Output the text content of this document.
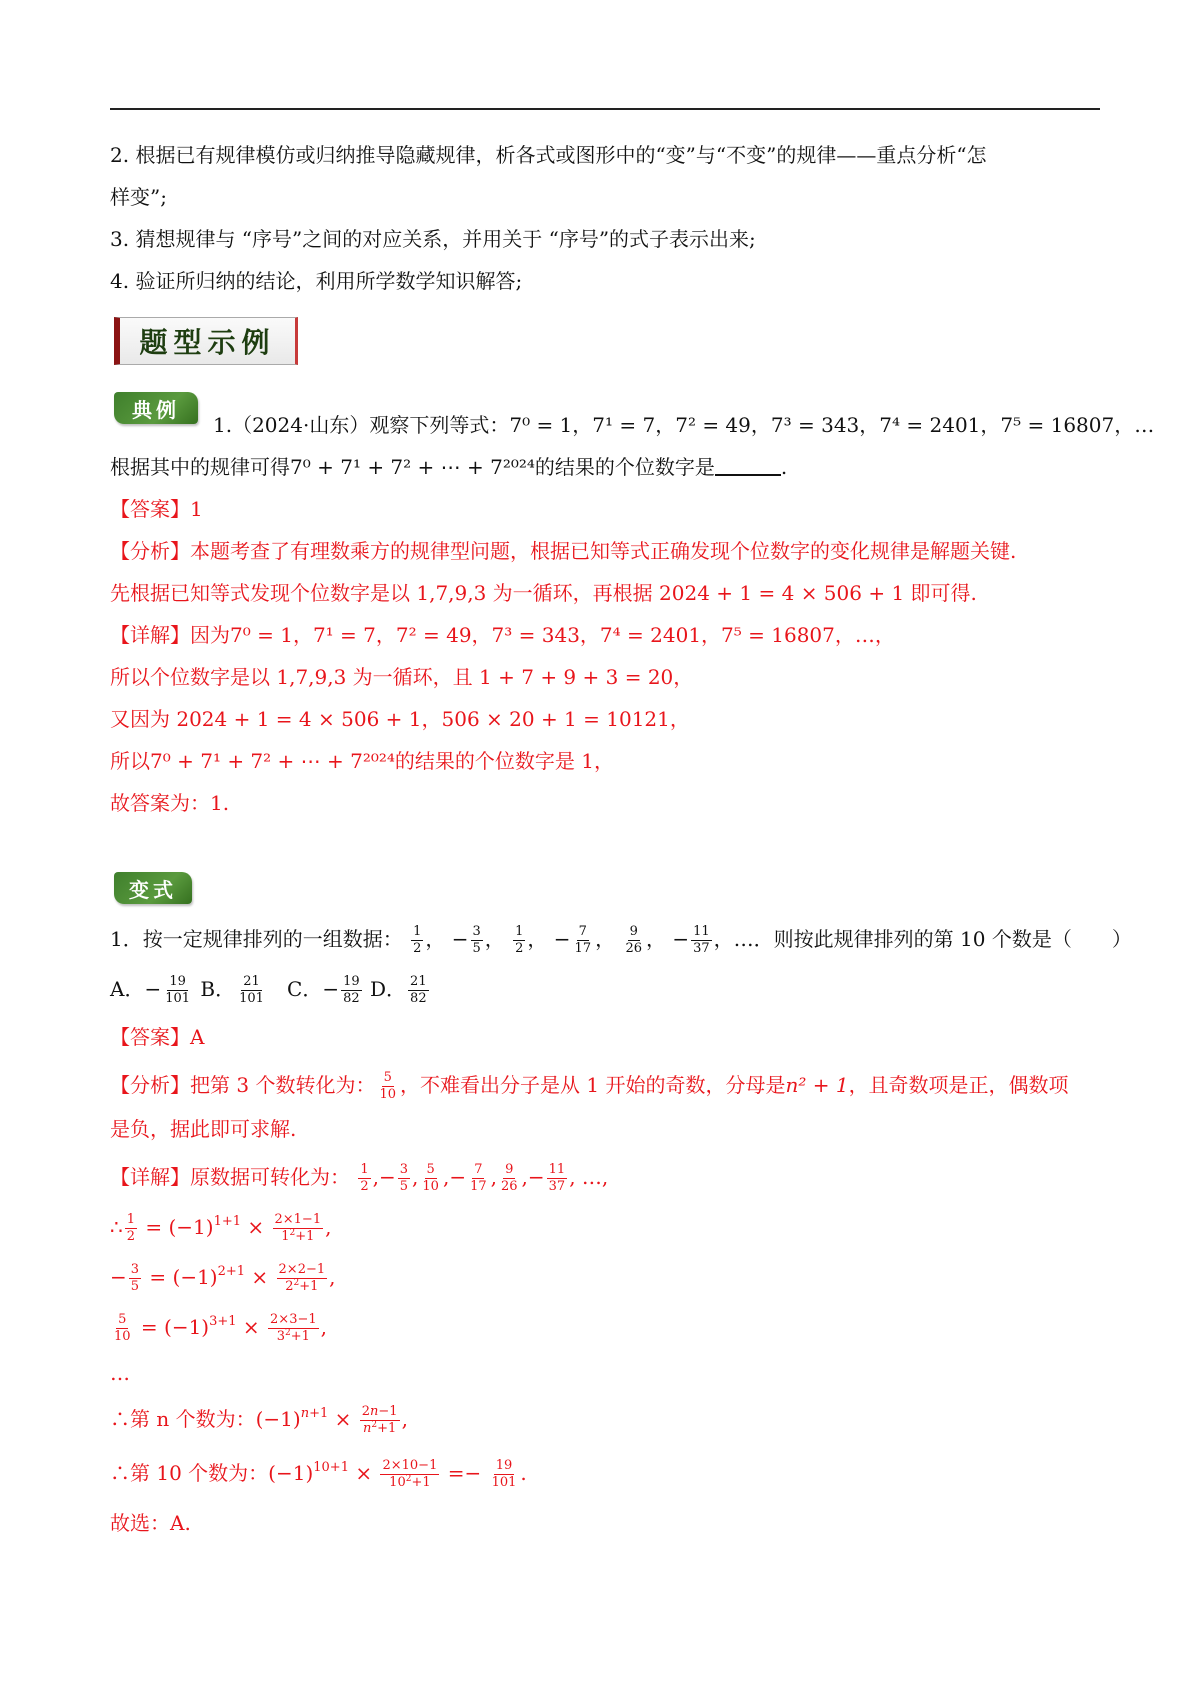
2. 根据已有规律模仿或归纳推导隐藏规律，析各式或图形中的“变”与“不变”的规律——重点分析“怎
样变”;
3. 猜想规律与 “序号”之间的对应关系，并用关于 “序号”的式子表示出来;
4. 验证所归纳的结论，利用所学数学知识解答;
题型示例
典例
1.（2024·山东）观察下列等式：7⁰ = 1，7¹ = 7，7² = 49，7³ = 343，7⁴ = 2401，7⁵ = 16807，…
根据其中的规律可得7⁰ + 7¹ + 7² + ⋯ + 7²⁰²⁴的结果的个位数字是	.
【答案】1
【分析】本题考查了有理数乘方的规律型问题，根据已知等式正确发现个位数字的变化规律是解题关键.
先根据已知等式发现个位数字是以 1,7,9,3 为一循环，再根据 2024 + 1 = 4 × 506 + 1 即可得.
【详解】因为7⁰ = 1，7¹ = 7，7² = 49，7³ = 343，7⁴ = 2401，7⁵ = 16807，…，
所以个位数字是以 1,7,9,3 为一循环，且 1 + 7 + 9 + 3 = 20，
又因为 2024 + 1 = 4 × 506 + 1，506 × 20 + 1 = 10121，
所以7⁰ + 7¹ + 7² + ⋯ + 7²⁰²⁴的结果的个位数字是 1，
故答案为：1.
变式
1．按一定规律排列的一组数据： $\frac{1}{2}$ ， − $\frac{3}{5}$ ， $\frac{1}{2}$ ， − $\frac{7}{17}$ ， $\frac{9}{26}$ ， − $\frac{11}{37}$ ，…．则按此规律排列的第 10 个数是（　　）
A．− $\frac{19}{101}$ B． $\frac{21}{101}$ C．− $\frac{19}{82}$ D． $\frac{21}{82}$
【答案】A
【分析】把第 3 个数转化为： $\frac{5}{10}$ ，不难看出分子是从 1 开始的奇数，分母是n² + 1，且奇数项是正，偶数项
是负，据此即可求解.
【详解】原数据可转化为： $\frac{1}{2}$ ,− $\frac{3}{5}$ , $\frac{5}{10}$ ,− $\frac{7}{17}$ , $\frac{9}{26}$ ,− $\frac{11}{37}$ , …,
∴ $\frac{1}{2} = (-1)^{1+1} \times \frac{2\times 1-1}{1^2+1}$ ,
− $\frac{3}{5} = (-1)^{2+1} \times \frac{2\times 2-1}{2^2+1}$ ,
$\frac{5}{10} = (-1)^{3+1} \times \frac{2\times 3-1}{3^2+1}$ ,
…
∴第 n 个数为：$(-1)^{n+1} \times \frac{2n-1}{n^2+1}$ ,
∴第 10 个数为：$(-1)^{10+1} \times \frac{2\times 10-1}{10^2+1} =- \frac{19}{101}$ .
故选：A.
